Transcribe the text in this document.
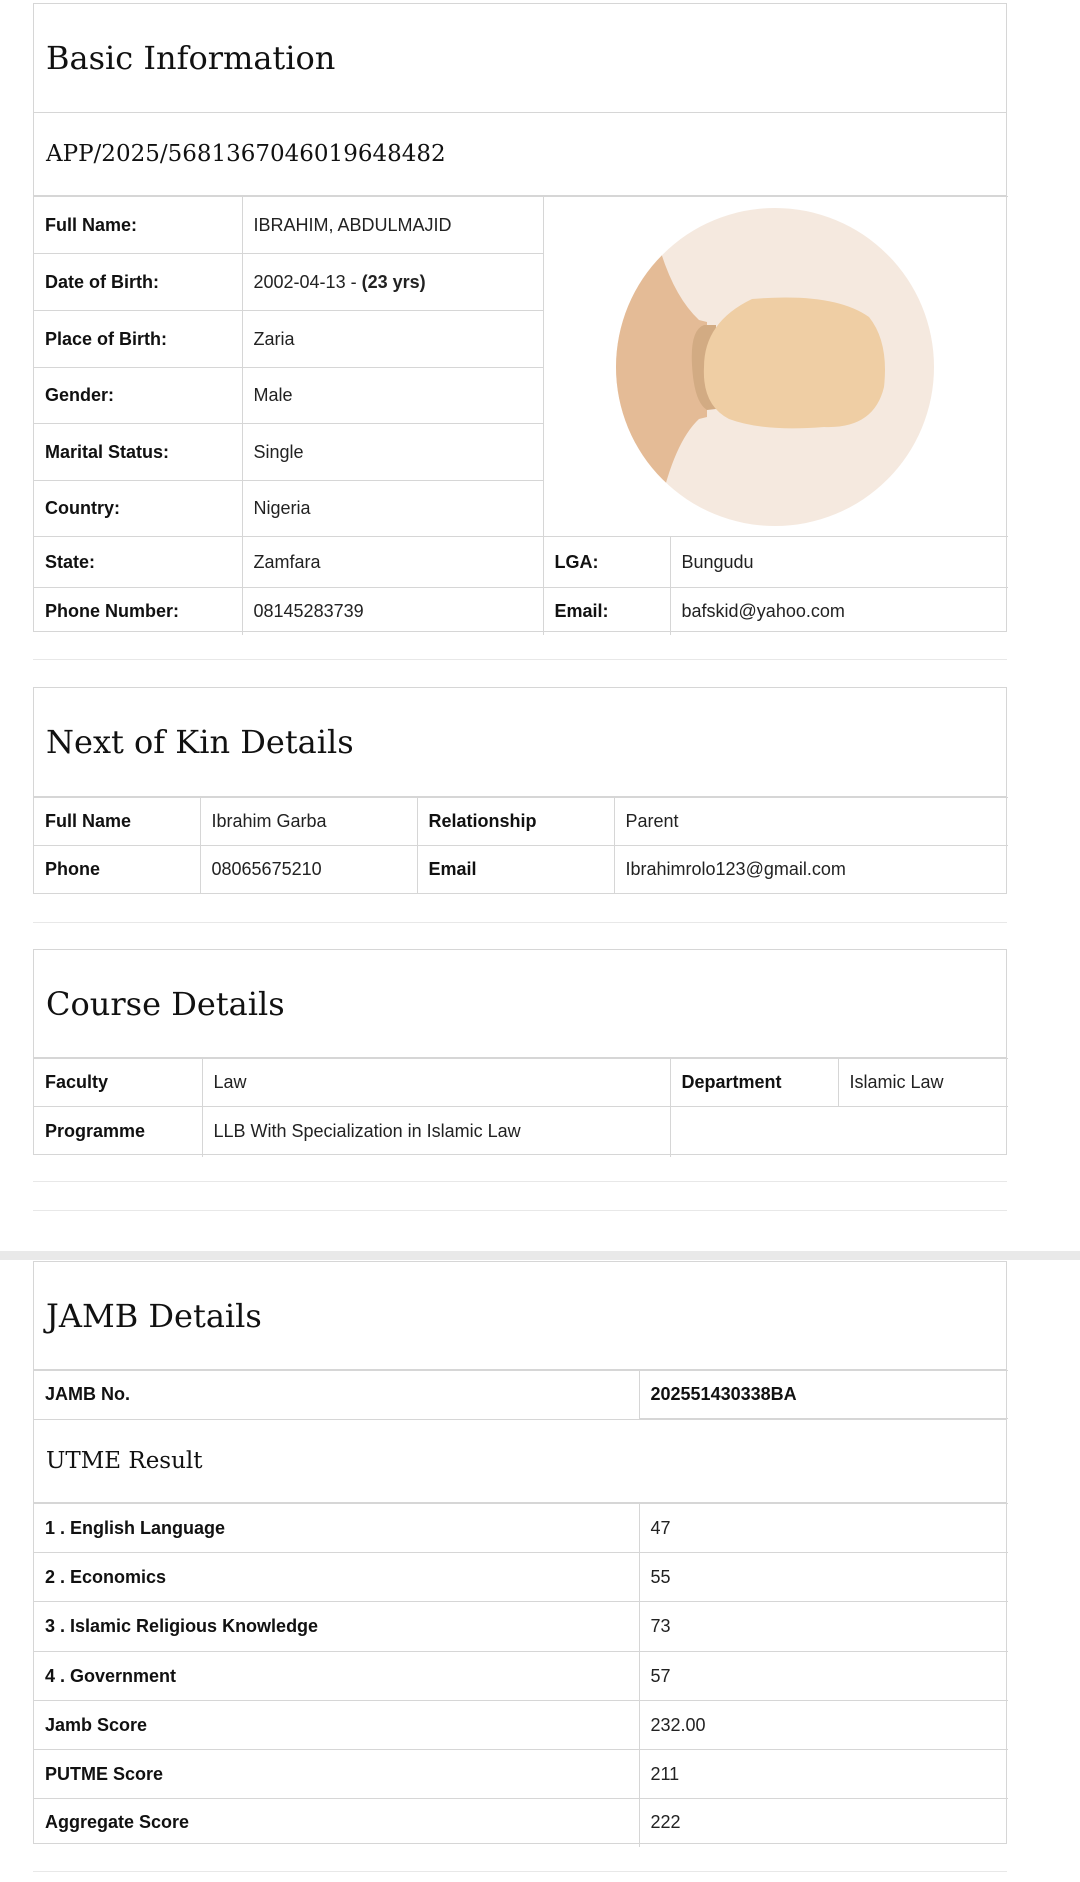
Basic Information
APP/2025/5681367046019648482
Full Name:	IBRAHIM, ABDULMAJID	

Date of Birth:	2002-04-13 - (23 yrs)		
Place of Birth:	Zaria		
Gender:	Male		
Marital Status:	Single		
Country:	Nigeria		
State:	Zamfara	LGA:	Bungudu
Phone Number:	08145283739	Email:	bafskid@yahoo.com
Next of Kin Details
Full Name	Ibrahim Garba	Relationship	Parent
Phone	08065675210	Email	Ibrahimrolo123@gmail.com
Course Details
Faculty	Law	Department	Islamic Law
Programme	LLB With Specialization in Islamic Law		
JAMB Details
JAMB No.	202551430338BA
UTME Result
1 . English Language	47
2 . Economics	55
3 . Islamic Religious Knowledge	73
4 . Government	57
Jamb Score	232.00
PUTME Score	211
Aggregate Score	222
